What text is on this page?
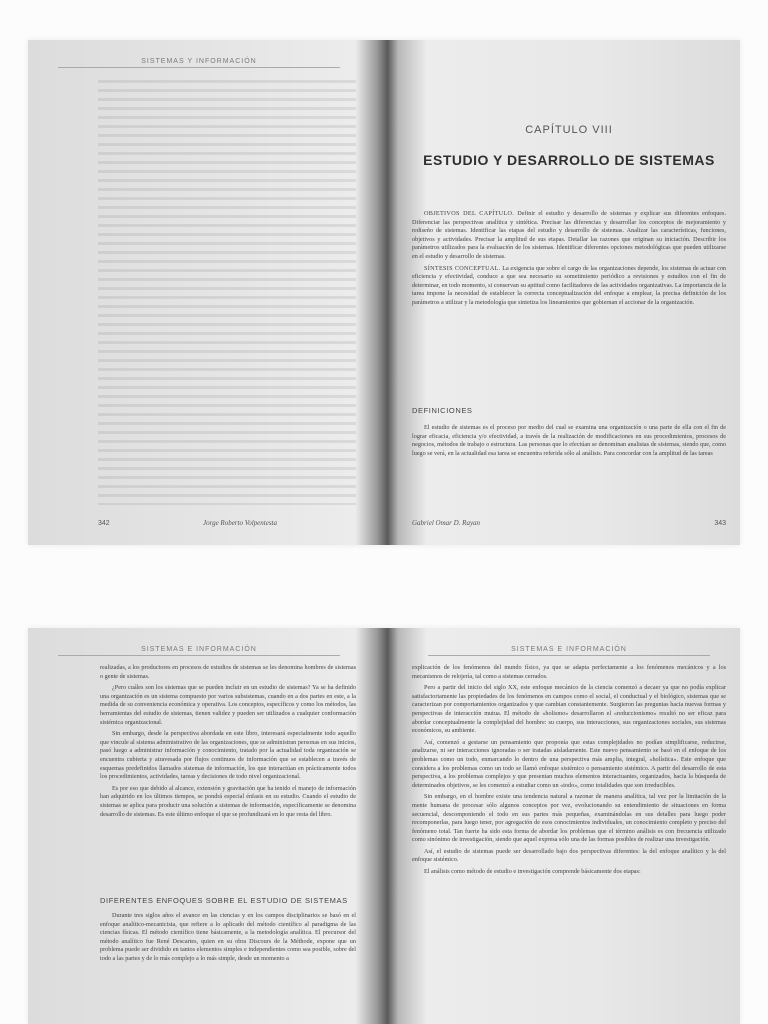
SISTEMAS Y INFORMACIÓN
342	Jorge Roberto Volpentesta
CAPÍTULO VIII
ESTUDIO Y DESARROLLO DE SISTEMAS

OBJETIVOS DEL CAPÍTULO. Definir el estudio y desarrollo de sistemas y explicar sus diferentes enfoques. Diferenciar las perspectivas analítica y sintética. Precisar las diferencias y desarrollar los conceptos de mejoramiento y rediseño de sistemas. Identificar las etapas del estudio y desarrollo de sistemas. Analizar las características, funciones, objetivos y actividades. Precisar la amplitud de sus etapas. Detallar las razones que originan su iniciación. Describir los parámetros utilizados para la evaluación de los sistemas. Identificar diferentes opciones metodológicas que pueden utilizarse en el estudio y desarrollo de sistemas.

SÍNTESIS CONCEPTUAL. La exigencia que sobre el cargo de las organizaciones depende, los sistemas de actuar con eficiencia y efectividad, conduce a que sea necesario su sometimiento periódico a revisiones y estudios con el fin de determinar, en todo momento, si conservan su aptitud como facilitadores de las actividades organizativas. La importancia de la tarea impone la necesidad de establecer la correcta conceptualización del enfoque a emplear, la precisa definición de los parámetros a utilizar y la metodología que sintetiza los lineamientos que gobiernan el accionar de la organización.

DEFINICIONES

El estudio de sistemas es el proceso por medio del cual se examina una organización o una parte de ella con el fin de lograr eficacia, eficiencia y/o efectividad, a través de la realización de modificaciones en sus procedimientos, procesos de negocios, métodos de trabajo o estructura. Las personas que lo efectúan se denominan analistas de sistemas, siendo que, como luego se verá, en la actualidad esa tarea se encuentra referida sólo al análisis. Para concordar con la amplitud de las tareas

Gabriel Omar D. Rayan	343
SISTEMAS E INFORMACIÓN

realizadas, a los productores en procesos de estudios de sistemas se les denomina hombres de sistemas o gente de sistemas.

¿Pero cuáles son los sistemas que se pueden incluir en un estudio de sistemas? Ya se ha definido una organización es un sistema compuesto por varios subsistemas, cuando en a dos partes en este, a la medida de su conveniencia económica y operativa. Los conceptos, específicos y como los métodos, las herramientas del estudio de sistemas, tienen validez y pueden ser utilizados a cualquier conformación sistémica organizacional.

Sin embargo, desde la perspectiva abordada en este libro, interesará especialmente todo aquello que vincule al sistema administrativo de las organizaciones, que se administran personas en sus inicios, pasó luego a administrar información y conocimiento, tratado por la actualidad toda organización se encuentra cubierta y atravesada por flujos continuos de información que se establecen a través de esquemas predefinidos llamados sistemas de información, los que interactúan en prácticamente todos los procedimientos, actividades, tareas y decisiones de todo nivel organizacional.

Es por eso que debido al alcance, extensión y gravitación que ha tenido el manejo de información han adquirido en los últimos tiempos, se pondrá especial énfasis en su estudio. Cuando el estudio de sistemas se aplica para producir una solución a sistemas de información, específicamente se denomina desarrollo de sistemas. Es este último enfoque el que se profundizará en lo que resta del libro.

DIFERENTES ENFOQUES SOBRE EL ESTUDIO DE SISTEMAS

Durante tres siglos años el avance en las ciencias y en los campos disciplinarios se basó en el enfoque analítico-mecanicista, que refiere a lo aplicado del método científico al paradigma de las ciencias físicas. El método científico tiene básicamente, a la metodología analítica. El precursor del método analítico fue René Descartes, quien en su obra Discours de la Méthode, expone que un problema puede ser dividido en tantos elementos simples e independientes como sea posible, sobre del todo a las partes y de lo más complejo a lo más simple, desde un momento a

SISTEMAS E INFORMACIÓN

explicación de los fenómenos del mundo físico, ya que se adapta perfectamente a los fenómenos mecánicos y a los mecanismos de relojería, tal como a sistemas cerrados.

Pero a partir del inicio del siglo XX, este enfoque mecánico de la ciencia comenzó a decaer ya que no podía explicar satisfactoriamente las propiedades de los fenómenos en campos como el social, el conductual y el biológico, sistemas que se caracterizan por comportamientos organizados y que cambian constantemente. Surgieron las preguntas hacia nuevas formas y perspectivas de interacción mutua. El método de «holismo» desarrollaron el «reduccionismo» resultó no ser eficaz para abordar conceptualmente la complejidad del hombre: su cuerpo, sus interacciones, sus organizaciones sociales, sus sistemas económicos, su ambiente.

Así, comenzó a gestarse un pensamiento que proponía que estas complejidades no podían simplificarse, reducirse, analizarse, ni ser interacciones ignoradas o ser tratadas aisladamente. Este nuevo pensamiento se basó en el enfoque de los problemas como un todo, enmarcando lo dentro de una perspectiva más amplia, integral, «holística». Este enfoque que considera a los problemas como un todo se llamó enfoque sistémico o pensamiento sistémico. A partir del desarrollo de esta perspectiva, a los problemas complejos y que presentan muchos elementos interactuantes, organizados, hacia la búsqueda de determinados objetivos, se les comenzó a estudiar como un «todo», como totalidades que son irreducibles.

Sin embargo, en el hombre existe una tendencia natural a razonar de manera analítica, tal vez por la limitación de la mente humana de procesar sólo algunos conceptos por vez, evolucionando su entendimiento de situaciones en forma secuencial, descomponiendo el todo en sus partes más pequeñas, examinándolas en sus detalles para luego poder recomponerlas, para luego tener, por agregación de esos conocimientos individuales, un conocimiento completo y preciso del fenómeno total. Tan fuerte ha sido esta forma de abordar los problemas que el término análisis es con frecuencia utilizado como sinónimo de investigación, siendo que aquel expresa sólo una de las formas posibles de realizar una investigación.

Así, el estudio de sistemas puede ser desarrollado bajo dos perspectivas diferentes: la del enfoque analítico y la del enfoque sistémico.

El análisis como método de estudio e investigación comprende básicamente dos etapas:
